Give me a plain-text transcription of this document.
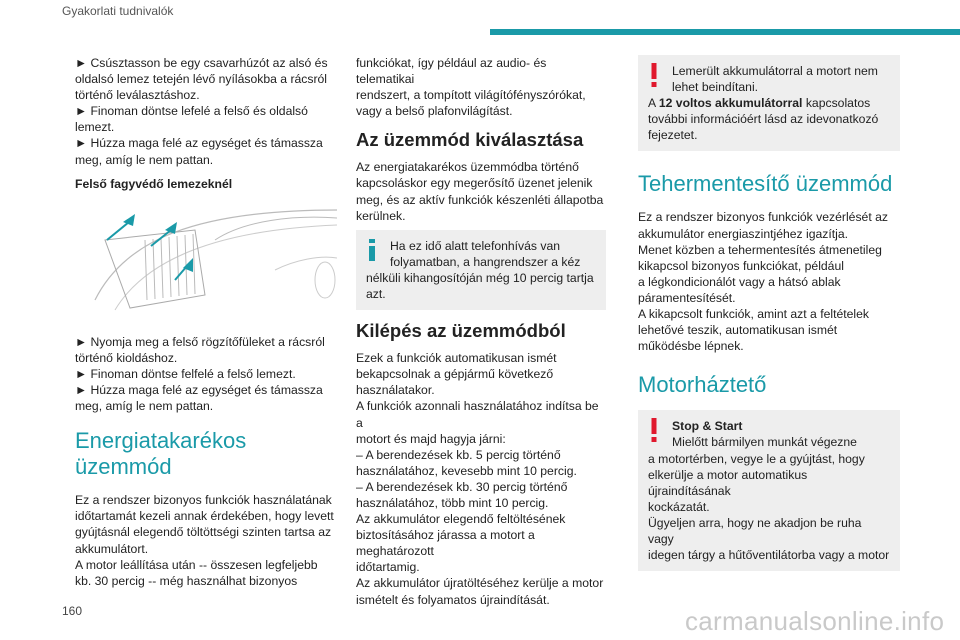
Gyakorlati tudnivalók

► Csúsztasson be egy csavarhúzót az alsó és
oldalsó lemez tetején lévő nyílásokba a rácsról
történő leválasztáshoz.
► Finoman döntse lefelé a felső és oldalsó
lemezt.
► Húzza maga felé az egységet és támassza
meg, amíg le nem pattan.

Felső fagyvédő lemezeknél

► Nyomja meg a felső rögzítőfüleket a rácsról
történő kioldáshoz.
► Finoman döntse felfelé a felső lemezt.
► Húzza maga felé az egységet és támassza
meg, amíg le nem pattan.

Energiatakarékos
üzemmód

Ez a rendszer bizonyos funkciók használatának
időtartamát kezeli annak érdekében, hogy levett
gyújtásnál elegendő töltöttségi szinten tartsa az
akkumulátort.
A motor leállítása után ‑‑ összesen legfeljebb
kb. 30 percig ‑‑ még használhat bizonyos

funkciókat, így például az audio- és telematikai
rendszert, a tompított világítófényszórókat,
vagy a belső plafonvilágítást.

Az üzemmód kiválasztása

Az energiatakarékos üzemmódba történő
kapcsoláskor egy megerősítő üzenet jelenik
meg, és az aktív funkciók készenléti állapotba
kerülnek.

Ha ez idő alatt telefonhívás van
folyamatban, a hangrendszer a kéz
nélküli kihangosítóján még 10 percig tartja
azt.
Kilépés az üzemmódból

Ezek a funkciók automatikusan ismét
bekapcsolnak a gépjármű következő
használatakor.
A funkciók azonnali használatához indítsa be a
motort és majd hagyja járni:
– A berendezések kb. 5 percig történő
használatához, kevesebb mint 10 percig.
– A berendezések kb. 30 percig történő
használatához, több mint 10 percig.
Az akkumulátor elegendő feltöltésének
biztosításához járassa a motort a meghatározott
időtartamig.
Az akkumulátor újratöltéséhez kerülje a motor
ismételt és folyamatos újraindítását.

Lemerült akkumulátorral a motort nem
lehet beindítani.
A 12 voltos akkumulátorral kapcsolatos
további információért lásd az idevonatkozó
fejezetet.
Tehermentesítő üzemmód

Ez a rendszer bizonyos funkciók vezérlését az
akkumulátor energiaszintjéhez igazítja.
Menet közben a tehermentesítés átmenetileg
kikapcsol bizonyos funkciókat, például
a légkondicionálót vagy a hátsó ablak
páramentesítését.
A kikapcsolt funkciók, amint azt a feltételek
lehetővé teszik, automatikusan ismét
működésbe lépnek.

Motorháztető
Stop & Start
Mielőtt bármilyen munkát végezne
a motortérben, vegye le a gyújtást, hogy
elkerülje a motor automatikus újraindításának
kockázatát.
Ügyeljen arra, hogy ne akadjon be ruha vagy
idegen tárgy a hűtőventilátorba vagy a motor
160	carmanualsonline.info
